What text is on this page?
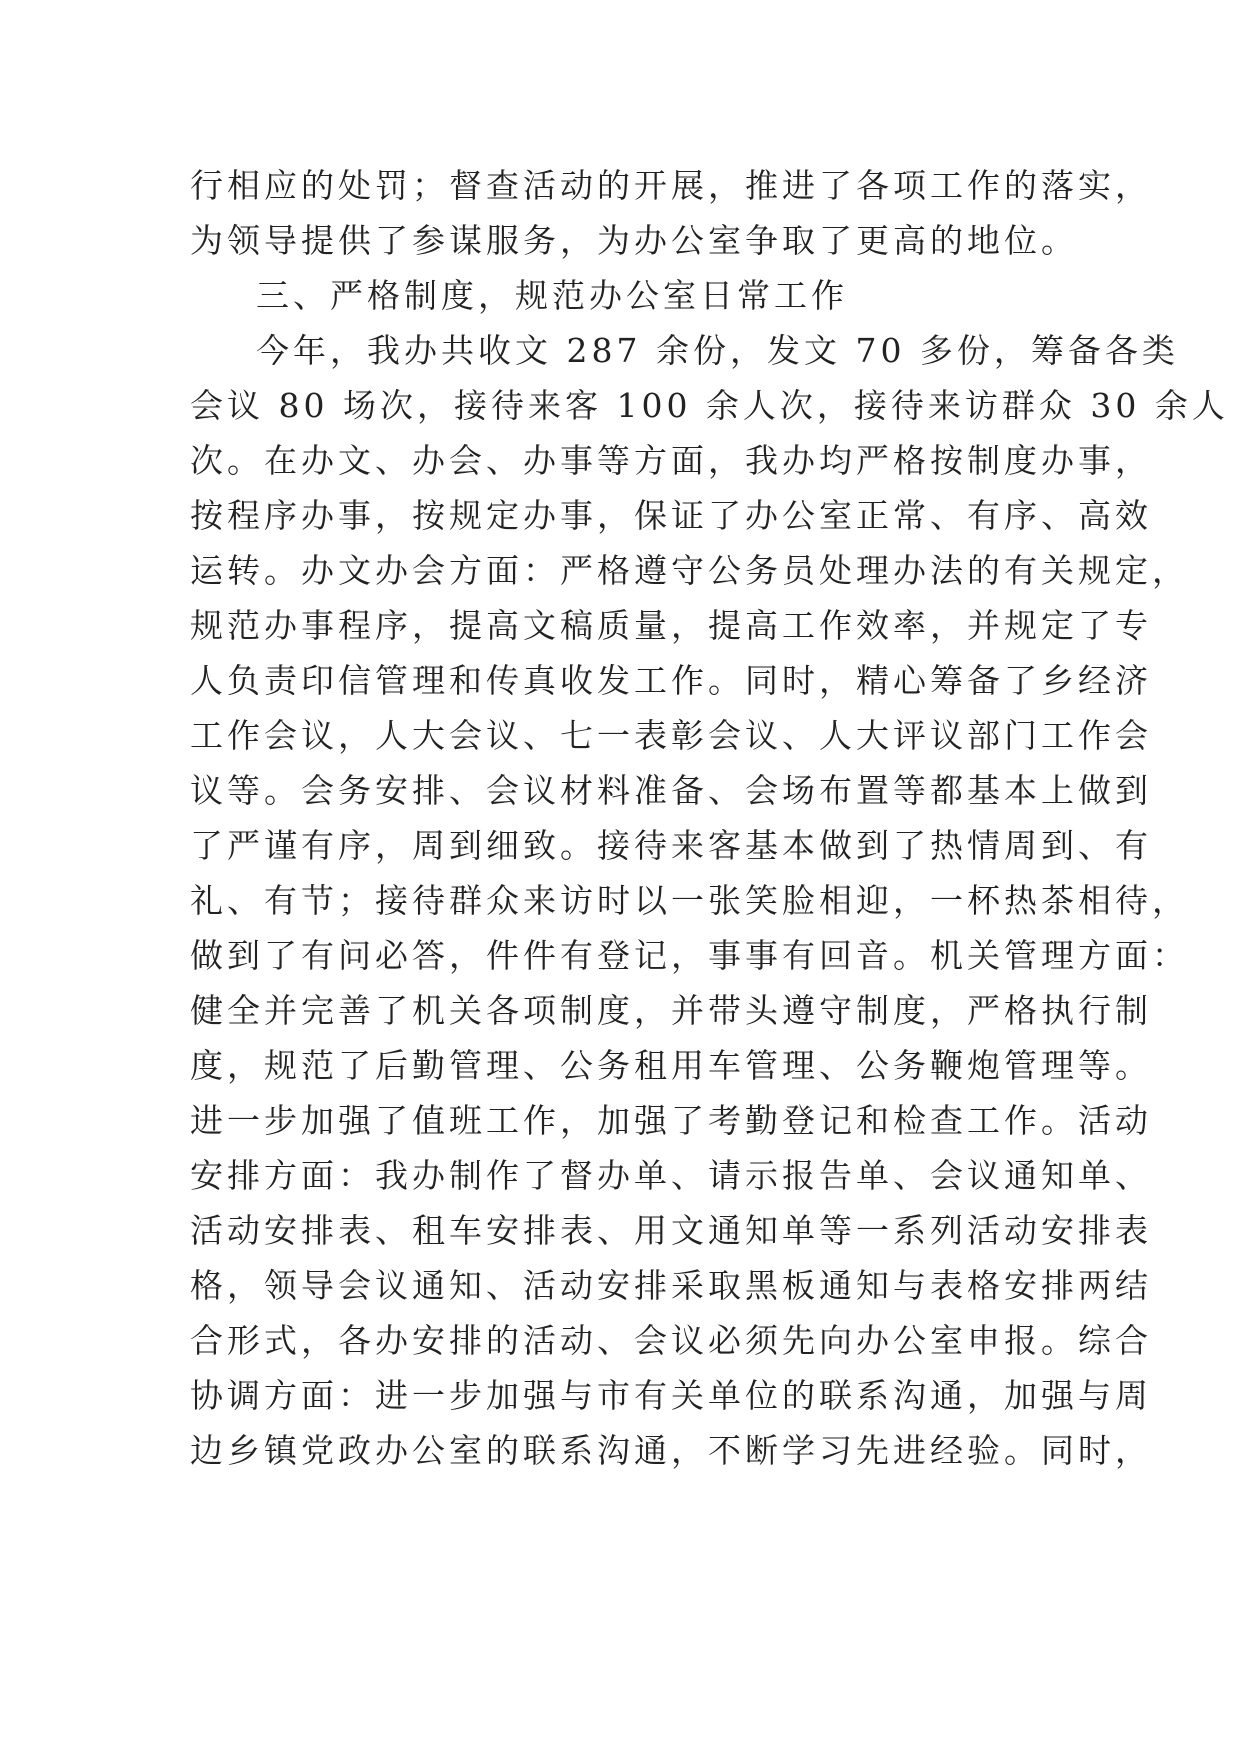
行相应的处罚；督查活动的开展，推进了各项工作的落实，
为领导提供了参谋服务，为办公室争取了更高的地位。
三、严格制度，规范办公室日常工作
今年，我办共收文 287 余份，发文 70 多份，筹备各类
会议 80 场次，接待来客 100 余人次，接待来访群众 30 余人
次。在办文、办会、办事等方面，我办均严格按制度办事，
按程序办事，按规定办事，保证了办公室正常、有序、高效
运转。办文办会方面：严格遵守公务员处理办法的有关规定，
规范办事程序，提高文稿质量，提高工作效率，并规定了专
人负责印信管理和传真收发工作。同时，精心筹备了乡经济
工作会议，人大会议、七一表彰会议、人大评议部门工作会
议等。会务安排、会议材料准备、会场布置等都基本上做到
了严谨有序，周到细致。接待来客基本做到了热情周到、有
礼、有节；接待群众来访时以一张笑脸相迎，一杯热茶相待，
做到了有问必答，件件有登记，事事有回音。机关管理方面：
健全并完善了机关各项制度，并带头遵守制度，严格执行制
度，规范了后勤管理、公务租用车管理、公务鞭炮管理等。
进一步加强了值班工作，加强了考勤登记和检查工作。活动
安排方面：我办制作了督办单、请示报告单、会议通知单、
活动安排表、租车安排表、用文通知单等一系列活动安排表
格，领导会议通知、活动安排采取黑板通知与表格安排两结
合形式，各办安排的活动、会议必须先向办公室申报。综合
协调方面：进一步加强与市有关单位的联系沟通，加强与周
边乡镇党政办公室的联系沟通，不断学习先进经验。同时，
